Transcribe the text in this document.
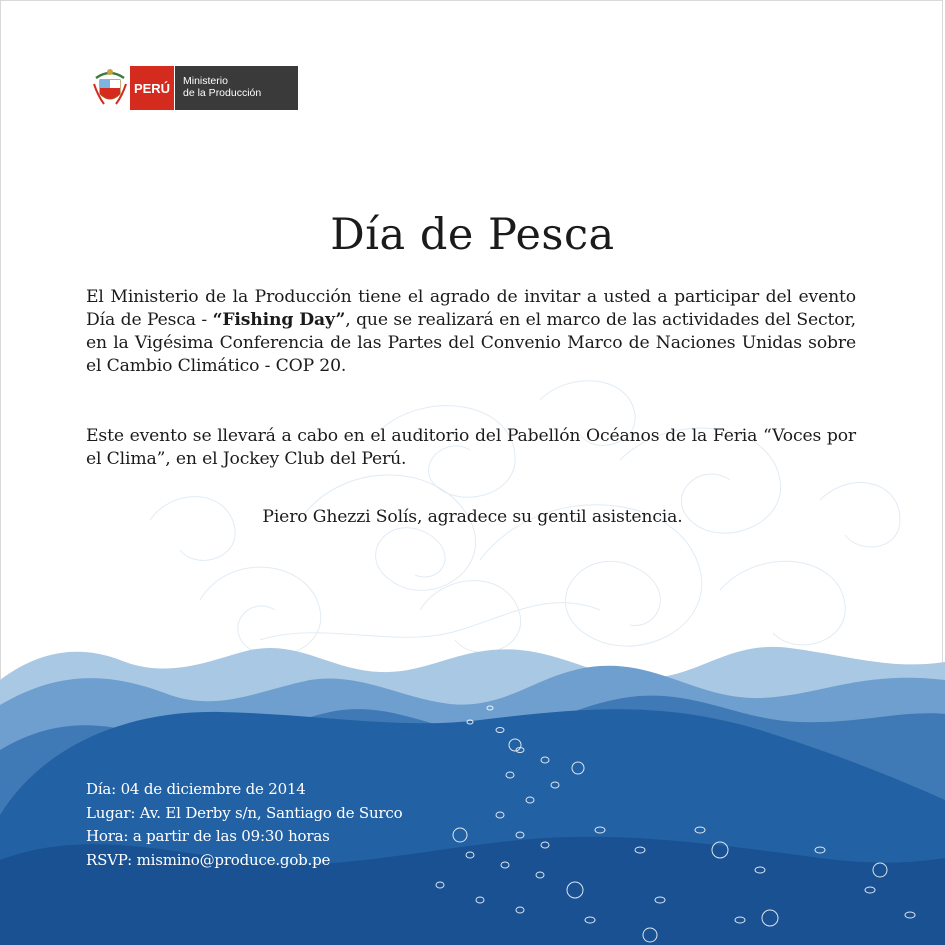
PERÚ	Ministerio
de la Producción
Día de Pesca

El Ministerio de la Producción tiene el agrado de invitar a usted a participar del evento Día de Pesca - “Fishing Day”, que se realizará en el marco de las actividades del Sector, en la Vigésima Conferencia de las Partes del Convenio Marco de Naciones Unidas sobre el Cambio Climático - COP 20.

Este evento se llevará a cabo en el auditorio del Pabellón Océanos de la Feria “Voces por el Clima”, en el Jockey Club del Perú.

Piero Ghezzi Solís, agradece su gentil asistencia.

Día: 04 de diciembre de 2014
Lugar: Av. El Derby s/n, Santiago de Surco
Hora: a partir de las 09:30 horas
RSVP: mismino@produce.gob.pe
